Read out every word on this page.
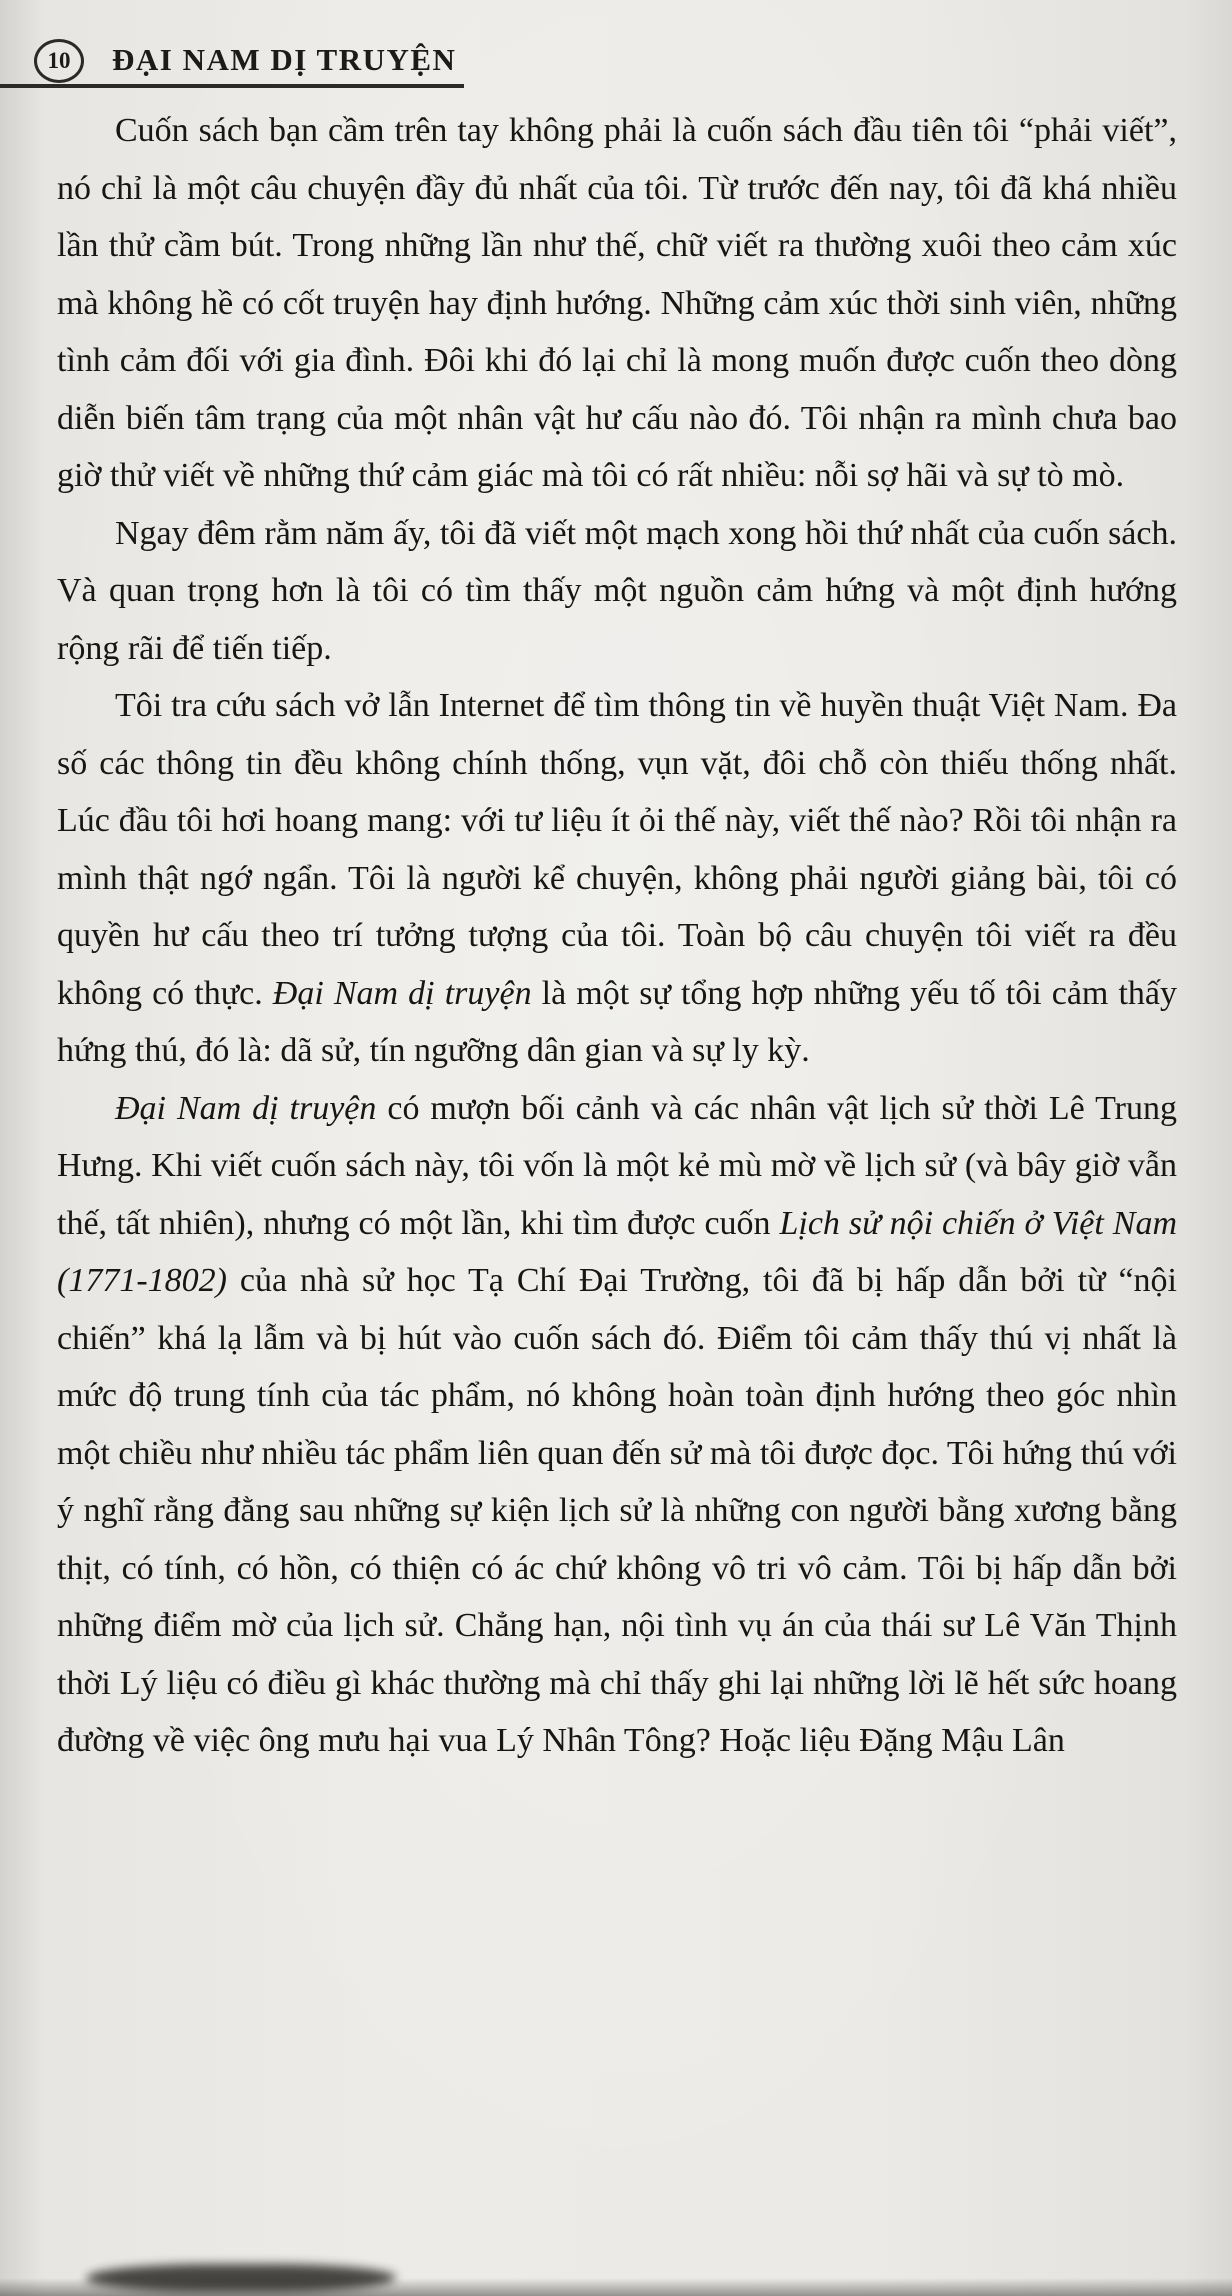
10 ĐẠI NAM DỊ TRUYỆN

Cuốn sách bạn cầm trên tay không phải là cuốn sách đầu tiên tôi “phải viết”, nó chỉ là một câu chuyện đầy đủ nhất của tôi. Từ trước đến nay, tôi đã khá nhiều lần thử cầm bút. Trong những lần như thế, chữ viết ra thường xuôi theo cảm xúc mà không hề có cốt truyện hay định hướng. Những cảm xúc thời sinh viên, những tình cảm đối với gia đình. Đôi khi đó lại chỉ là mong muốn được cuốn theo dòng diễn biến tâm trạng của một nhân vật hư cấu nào đó. Tôi nhận ra mình chưa bao giờ thử viết về những thứ cảm giác mà tôi có rất nhiều: nỗi sợ hãi và sự tò mò.

Ngay đêm rằm năm ấy, tôi đã viết một mạch xong hồi thứ nhất của cuốn sách. Và quan trọng hơn là tôi có tìm thấy một nguồn cảm hứng và một định hướng rộng rãi để tiến tiếp.

Tôi tra cứu sách vở lẫn Internet để tìm thông tin về huyền thuật Việt Nam. Đa số các thông tin đều không chính thống, vụn vặt, đôi chỗ còn thiếu thống nhất. Lúc đầu tôi hơi hoang mang: với tư liệu ít ỏi thế này, viết thế nào? Rồi tôi nhận ra mình thật ngớ ngẩn. Tôi là người kể chuyện, không phải người giảng bài, tôi có quyền hư cấu theo trí tưởng tượng của tôi. Toàn bộ câu chuyện tôi viết ra đều không có thực. Đại Nam dị truyện là một sự tổng hợp những yếu tố tôi cảm thấy hứng thú, đó là: dã sử, tín ngưỡng dân gian và sự ly kỳ.

Đại Nam dị truyện có mượn bối cảnh và các nhân vật lịch sử thời Lê Trung Hưng. Khi viết cuốn sách này, tôi vốn là một kẻ mù mờ về lịch sử (và bây giờ vẫn thế, tất nhiên), nhưng có một lần, khi tìm được cuốn Lịch sử nội chiến ở Việt Nam (1771-1802) của nhà sử học Tạ Chí Đại Trường, tôi đã bị hấp dẫn bởi từ “nội chiến” khá lạ lẫm và bị hút vào cuốn sách đó. Điểm tôi cảm thấy thú vị nhất là mức độ trung tính của tác phẩm, nó không hoàn toàn định hướng theo góc nhìn một chiều như nhiều tác phẩm liên quan đến sử mà tôi được đọc. Tôi hứng thú với ý nghĩ rằng đằng sau những sự kiện lịch sử là những con người bằng xương bằng thịt, có tính, có hồn, có thiện có ác chứ không vô tri vô cảm. Tôi bị hấp dẫn bởi những điểm mờ của lịch sử. Chẳng hạn, nội tình vụ án của thái sư Lê Văn Thịnh thời Lý liệu có điều gì khác thường mà chỉ thấy ghi lại những lời lẽ hết sức hoang đường về việc ông mưu hại vua Lý Nhân Tông? Hoặc liệu Đặng Mậu Lân
